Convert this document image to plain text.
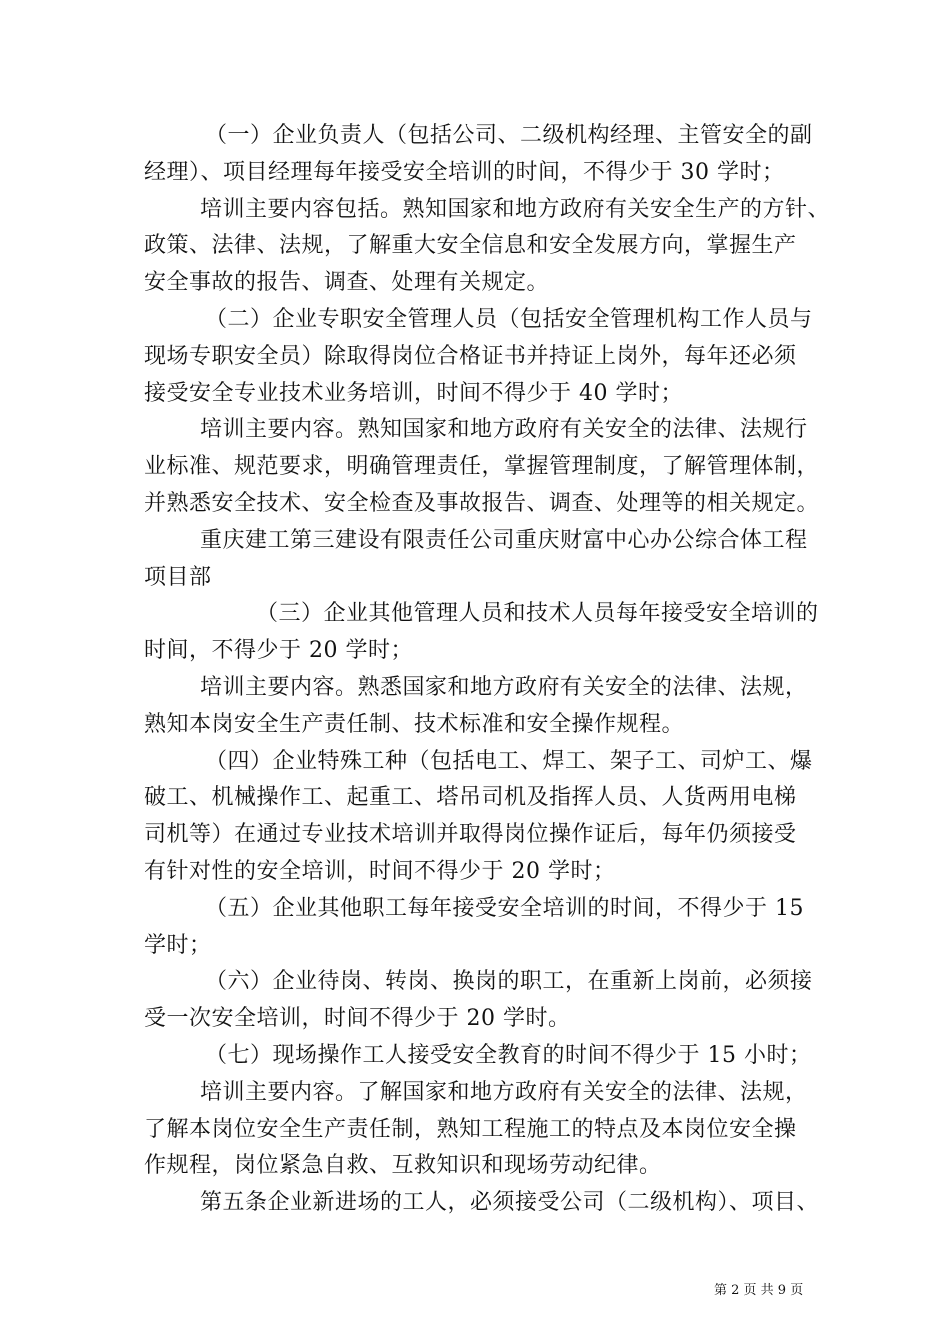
（一）企业负责人（包括公司、二级机构经理、主管安全的副
经理）、项目经理每年接受安全培训的时间，不得少于 30 学时；

培训主要内容包括。熟知国家和地方政府有关安全生产的方针、
政策、法律、法规，了解重大安全信息和安全发展方向，掌握生产
安全事故的报告、调查、处理有关规定。

（二）企业专职安全管理人员（包括安全管理机构工作人员与
现场专职安全员）除取得岗位合格证书并持证上岗外，每年还必须
接受安全专业技术业务培训，时间不得少于 40 学时；

培训主要内容。熟知国家和地方政府有关安全的法律、法规行
业标准、规范要求，明确管理责任，掌握管理制度，了解管理体制，
并熟悉安全技术、安全检查及事故报告、调查、处理等的相关规定。

重庆建工第三建设有限责任公司重庆财富中心办公综合体工程
项目部

（三）企业其他管理人员和技术人员每年接受安全培训的
时间，不得少于 20 学时；

培训主要内容。熟悉国家和地方政府有关安全的法律、法规，
熟知本岗安全生产责任制、技术标准和安全操作规程。

（四）企业特殊工种（包括电工、焊工、架子工、司炉工、爆
破工、机械操作工、起重工、塔吊司机及指挥人员、人货两用电梯
司机等）在通过专业技术培训并取得岗位操作证后，每年仍须接受
有针对性的安全培训，时间不得少于 20 学时；

（五）企业其他职工每年接受安全培训的时间，不得少于 15
学时；

（六）企业待岗、转岗、换岗的职工，在重新上岗前，必须接
受一次安全培训，时间不得少于 20 学时。

（七）现场操作工人接受安全教育的时间不得少于 15 小时；

培训主要内容。了解国家和地方政府有关安全的法律、法规，
了解本岗位安全生产责任制，熟知工程施工的特点及本岗位安全操
作规程，岗位紧急自救、互救知识和现场劳动纪律。

第五条企业新进场的工人，必须接受公司（二级机构）、项目、

第 2 页 共 9 页
